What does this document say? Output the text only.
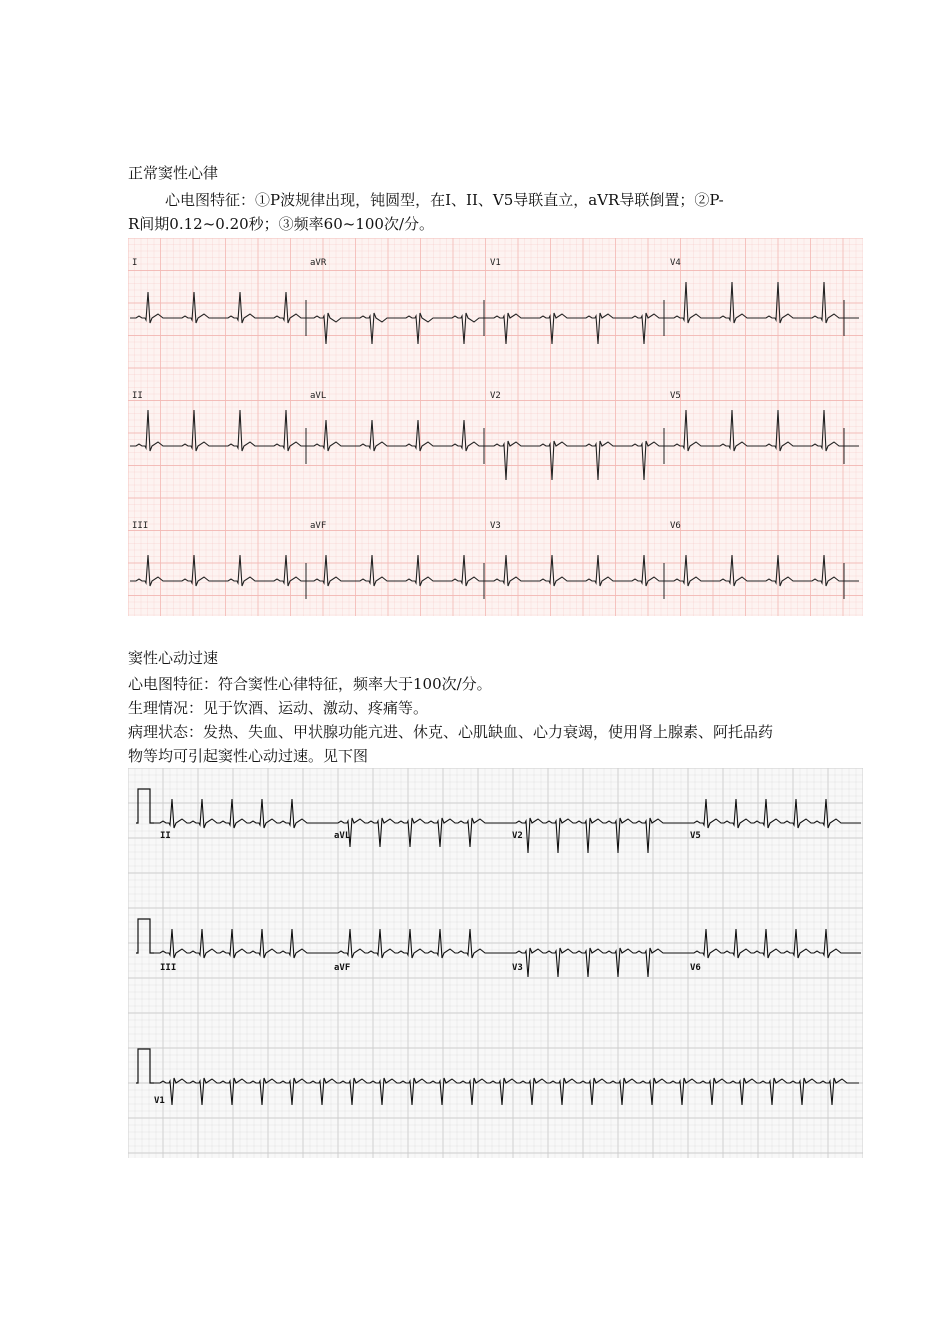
正常窦性心律
心电图特征：①P波规律出现，钝圆型，在I、II、V5导联直立，aVR导联倒置；②P-
R间期0.12~0.20秒；③频率60~100次/分。
I	aVR	V1	V4
II	aVL	V2	V5
III	aVF	V3	V6
窦性心动过速
心电图特征：符合窦性心律特征，频率大于100次/分。
生理情况：见于饮酒、运动、激动、疼痛等。
病理状态：发热、失血、甲状腺功能亢进、休克、心肌缺血、心力衰竭，使用肾上腺素、阿托品药
物等均可引起窦性心动过速。见下图
II	aVL	V2	V5
III	aVF	V3	V6
V1
